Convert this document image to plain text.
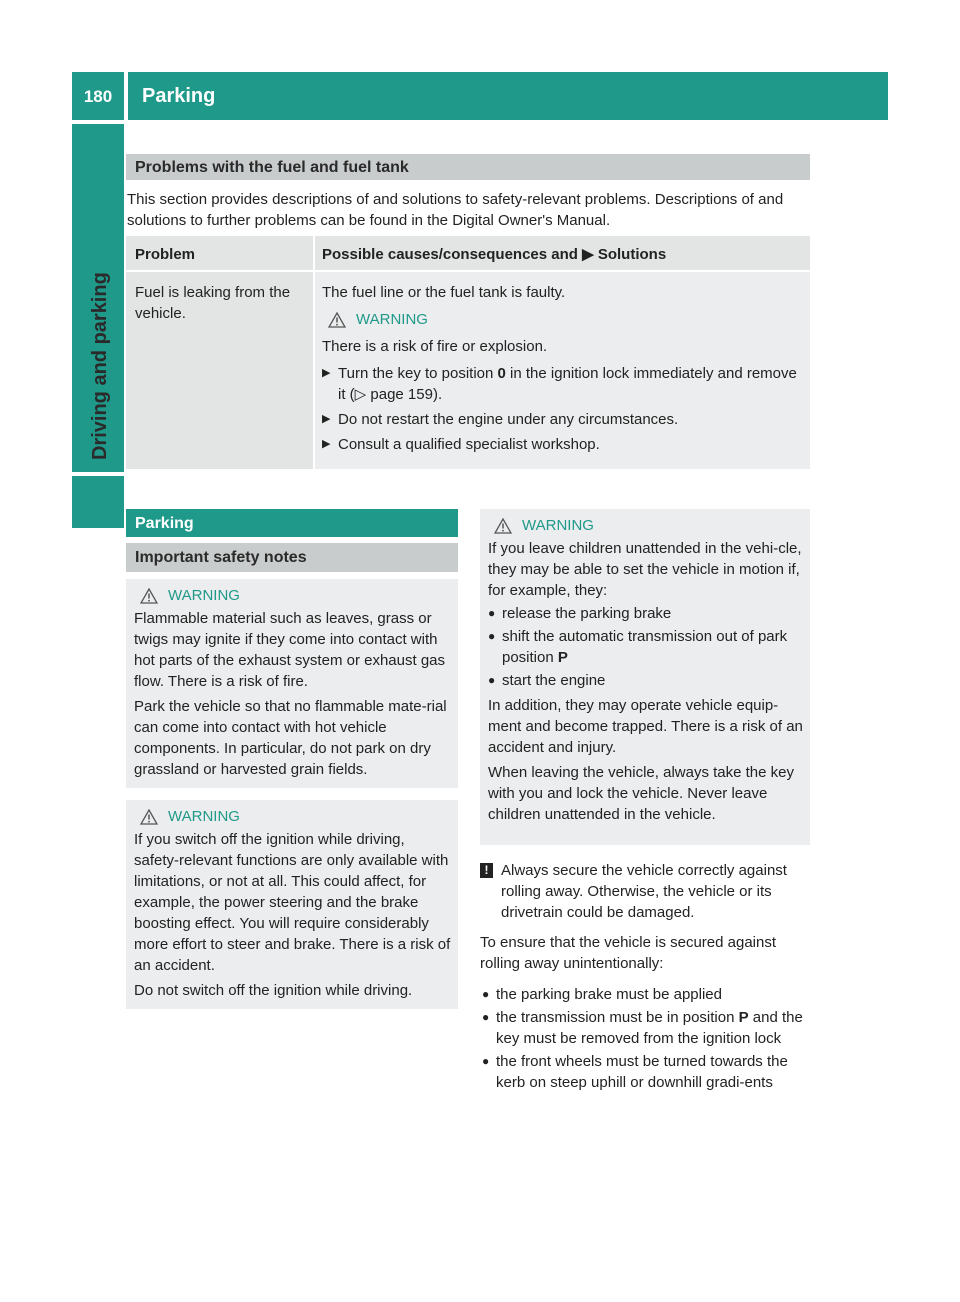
180	Parking
Driving and parking
Problems with the fuel and fuel tank
This section provides descriptions of and solutions to safety-relevant problems. Descriptions of and solutions to further problems can be found in the Digital Owner's Manual.
Problem	Possible causes/consequences and ▶ Solutions
Fuel is leaking from the vehicle.

The fuel line or the fuel tank is faulty.

WARNING

There is a risk of fire or explosion.

▶ Turn the key to position 0 in the ignition lock immediately and remove it (▷ page 159).
▶ Do not restart the engine under any circumstances.
▶ Consult a qualified specialist workshop.
Parking
Important safety notes
WARNING

Flammable material such as leaves, grass or twigs may ignite if they come into contact with hot parts of the exhaust system or exhaust gas flow. There is a risk of fire.

Park the vehicle so that no flammable mate-rial can come into contact with hot vehicle components. In particular, do not park on dry grassland or harvested grain fields.

WARNING

If you switch off the ignition while driving, safety-relevant functions are only available with limitations, or not at all. This could affect, for example, the power steering and the brake boosting effect. You will require considerably more effort to steer and brake. There is a risk of an accident.

Do not switch off the ignition while driving.

WARNING

If you leave children unattended in the vehi-cle, they may be able to set the vehicle in motion if, for example, they:

● release the parking brake
● shift the automatic transmission out of park position P
● start the engine

In addition, they may operate vehicle equip-ment and become trapped. There is a risk of an accident and injury.

When leaving the vehicle, always take the key with you and lock the vehicle. Never leave children unattended in the vehicle.

! Always secure the vehicle correctly against rolling away. Otherwise, the vehicle or its drivetrain could be damaged.
To ensure that the vehicle is secured against rolling away unintentionally:
● the parking brake must be applied
● the transmission must be in position P and the key must be removed from the ignition lock
● the front wheels must be turned towards the kerb on steep uphill or downhill gradi-ents
